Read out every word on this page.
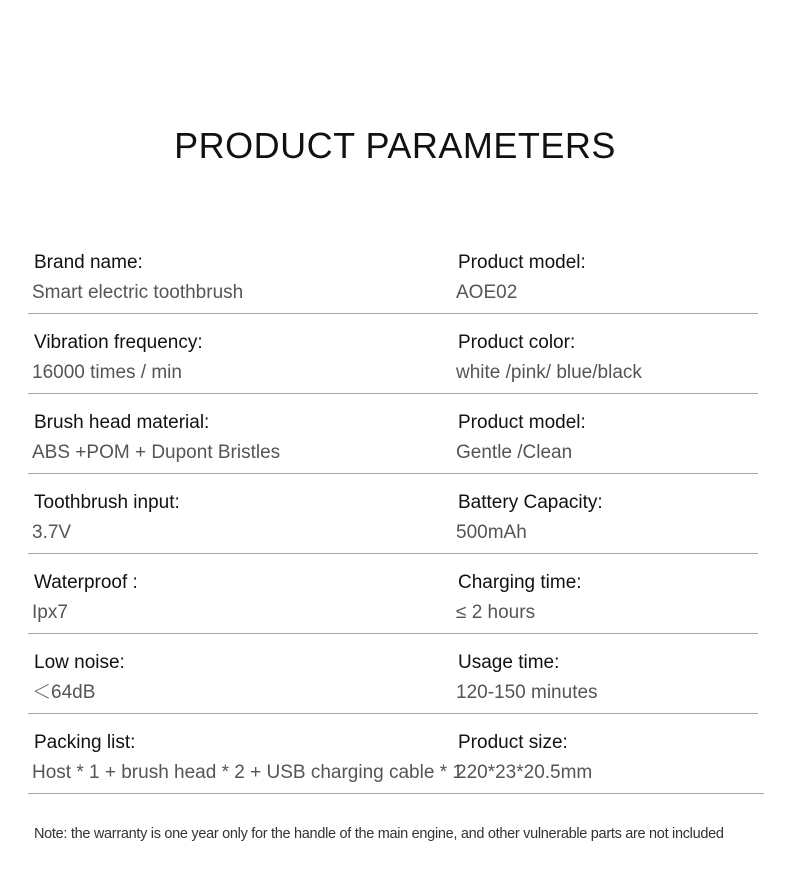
PRODUCT PARAMETERS
Brand name:
Smart electric toothbrush
Product model:
AOE02
Vibration frequency:
16000 times / min
Product color:
white /pink/ blue/black
Brush head material:
ABS +POM + Dupont Bristles
Product model:
Gentle /Clean
Toothbrush input:
3.7V
Battery Capacity:
500mAh
Waterproof :
Ipx7
Charging time:
≤ 2 hours
Low noise:
＜64dB
Usage time:
120-150 minutes
Packing list:
Host * 1 + brush head * 2 + USB charging cable * 1
Product size:
220*23*20.5mm
Note: the warranty is one year only for the handle of the main engine, and other vulnerable parts are not included
